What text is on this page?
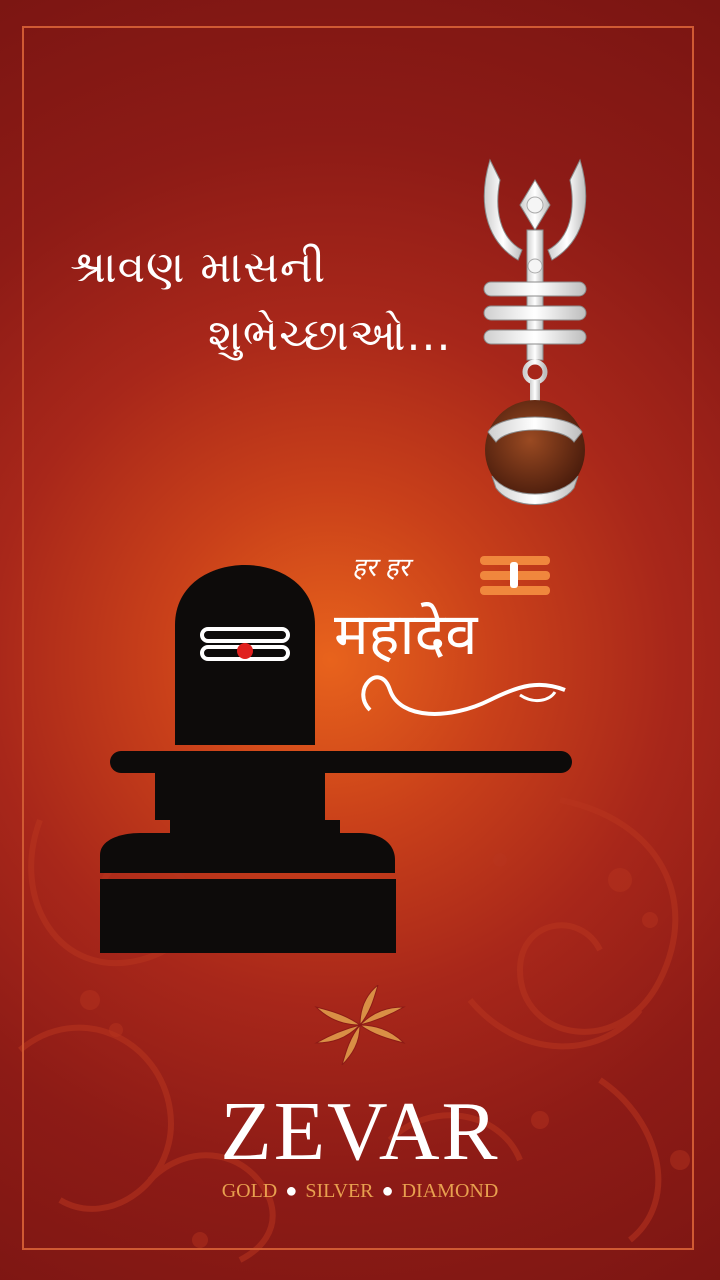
શ્રાવણ માસની
શુભેચ્છાઓ...
हर हर
महादेव
ZEVAR
GOLD ● SILVER ● DIAMOND
